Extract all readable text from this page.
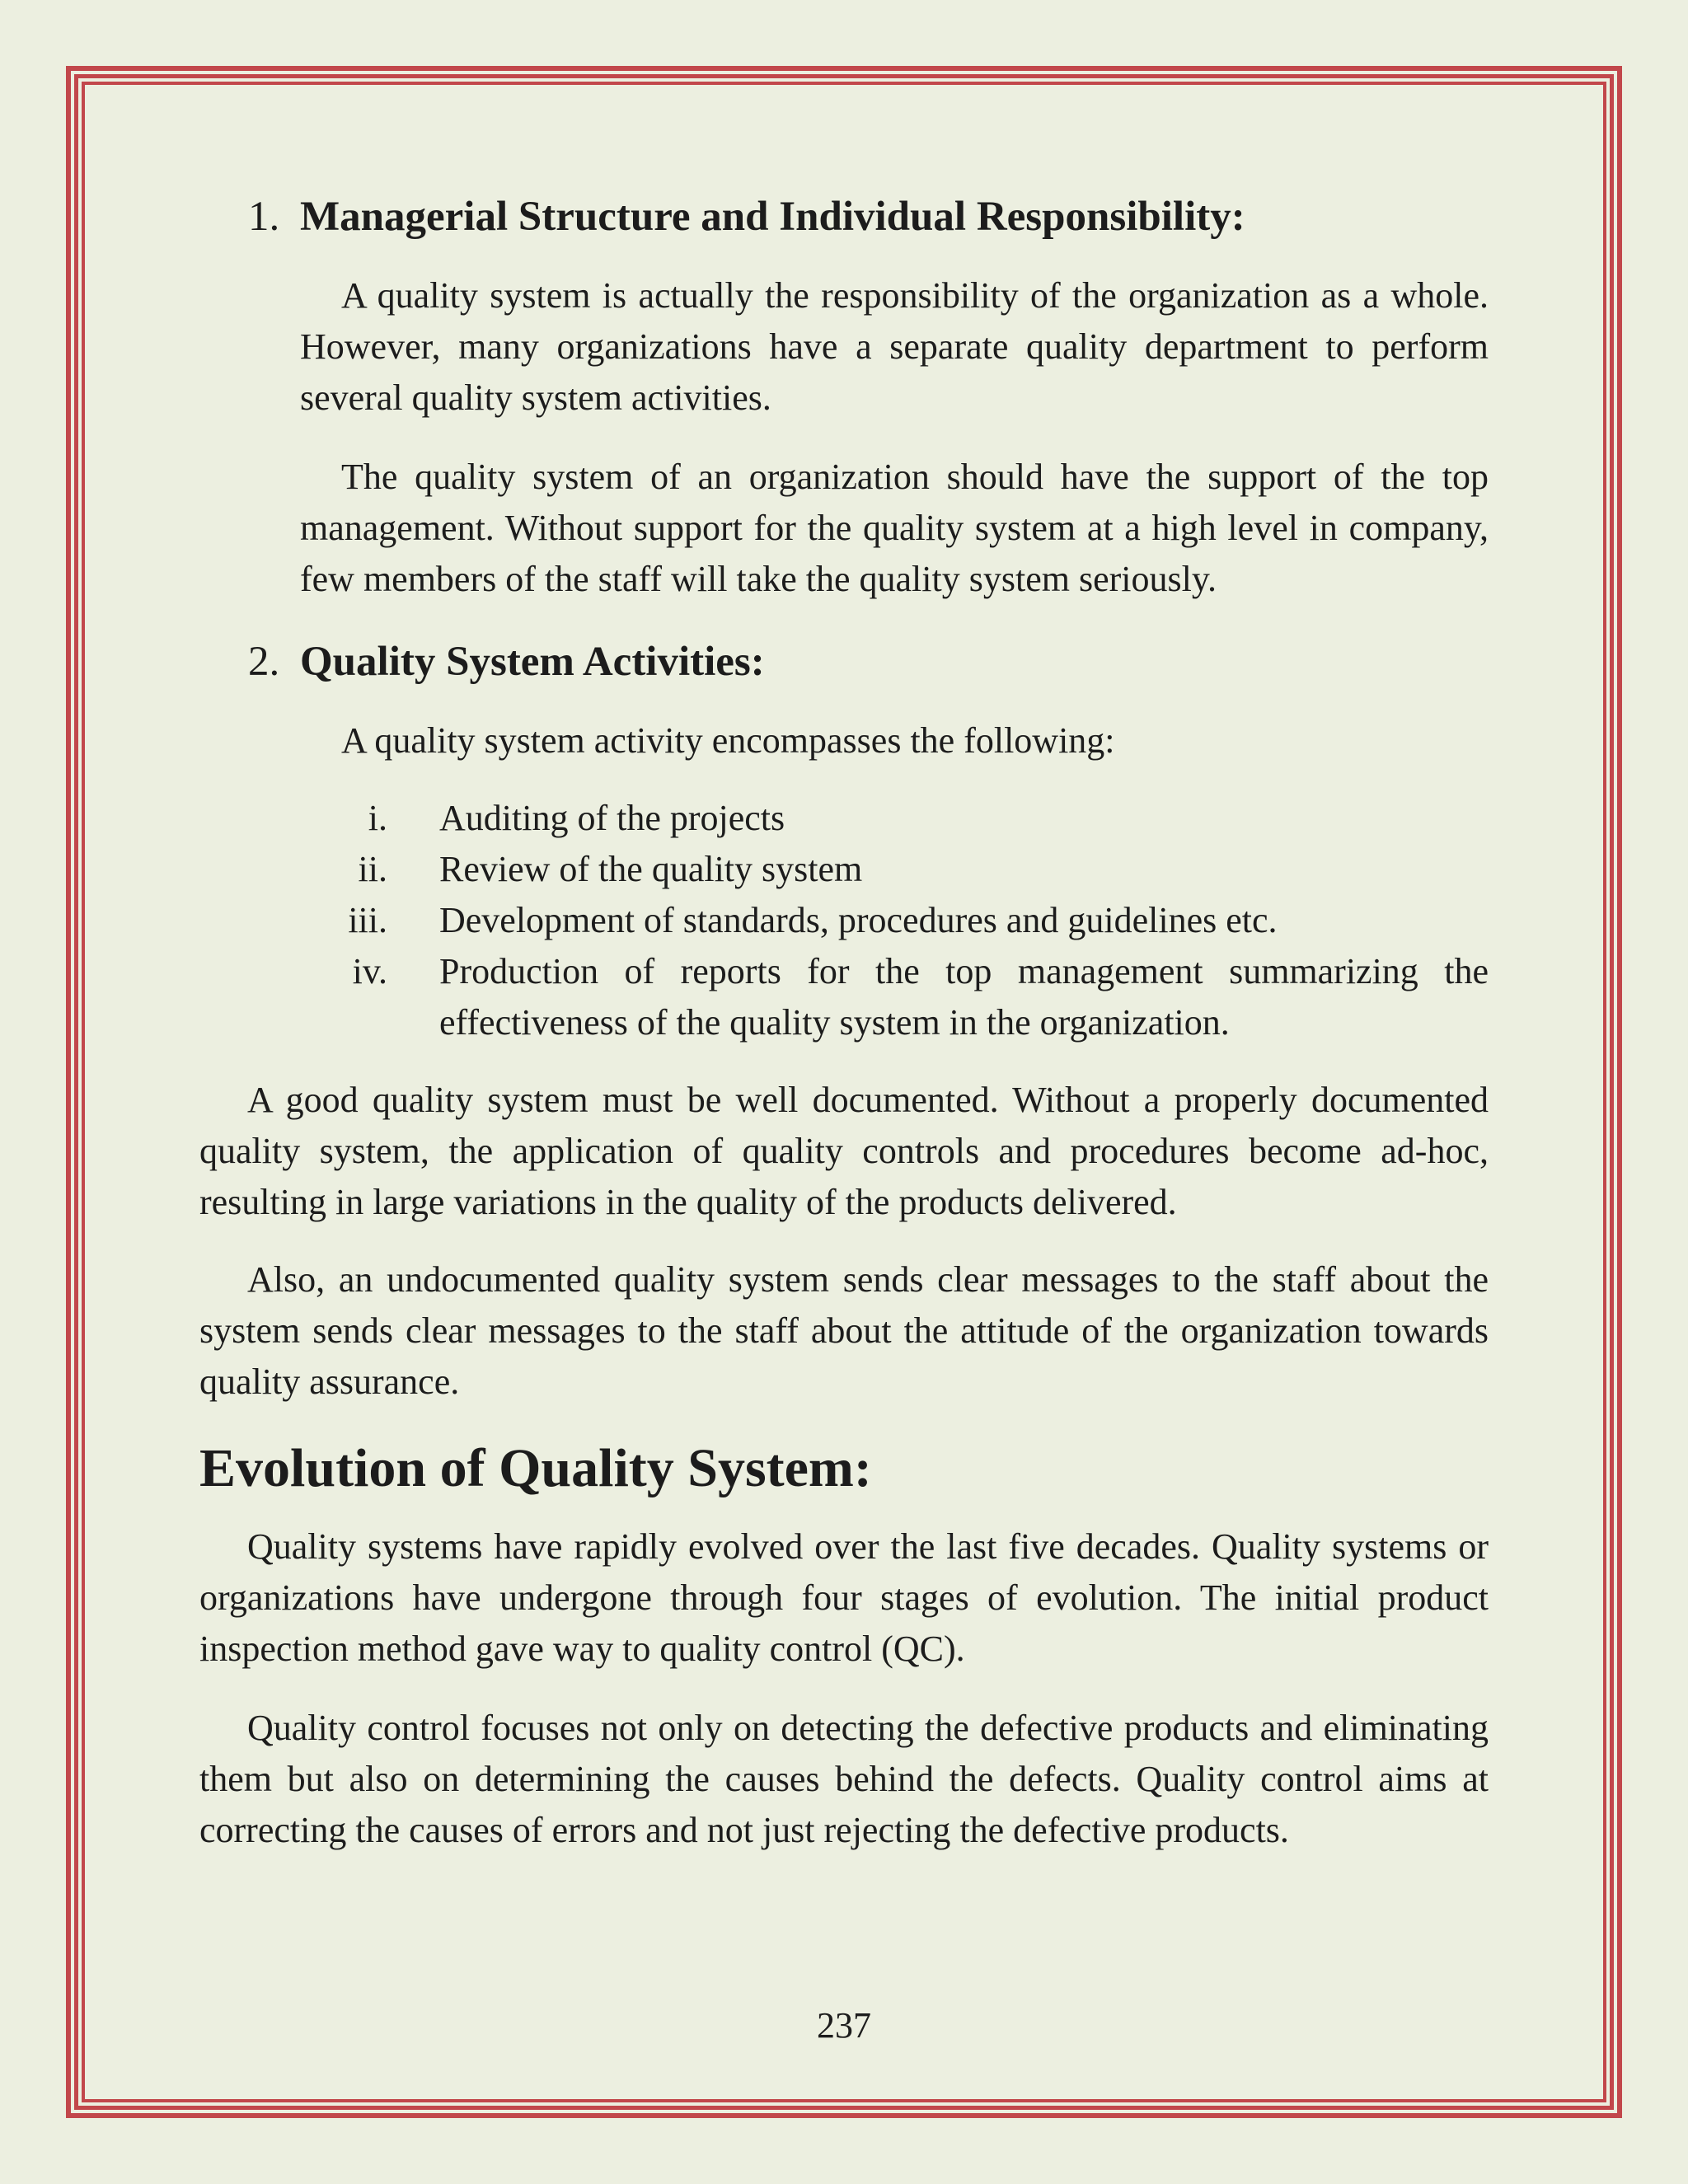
1. Managerial Structure and Individual Responsibility:

A quality system is actually the responsibility of the organization as a whole. However, many organizations have a separate quality department to perform several quality system activities.

The quality system of an organization should have the support of the top management. Without support for the quality system at a high level in company, few members of the staff will take the quality system seriously.

2. Quality System Activities:

A quality system activity encompasses the following:

i. Auditing of the projects
ii. Review of the quality system
iii. Development of standards, procedures and guidelines etc.
iv. Production of reports for the top management summarizing the effectiveness of the quality system in the organization.

A good quality system must be well documented. Without a properly documented quality system, the application of quality controls and procedures become ad-hoc, resulting in large variations in the quality of the products delivered.

Also, an undocumented quality system sends clear messages to the staff about the system sends clear messages to the staff about the attitude of the organization towards quality assurance.

Evolution of Quality System:

Quality systems have rapidly evolved over the last five decades. Quality systems or organizations have undergone through four stages of evolution. The initial product inspection method gave way to quality control (QC).

Quality control focuses not only on detecting the defective products and eliminating them but also on determining the causes behind the defects. Quality control aims at correcting the causes of errors and not just rejecting the defective products.

237
